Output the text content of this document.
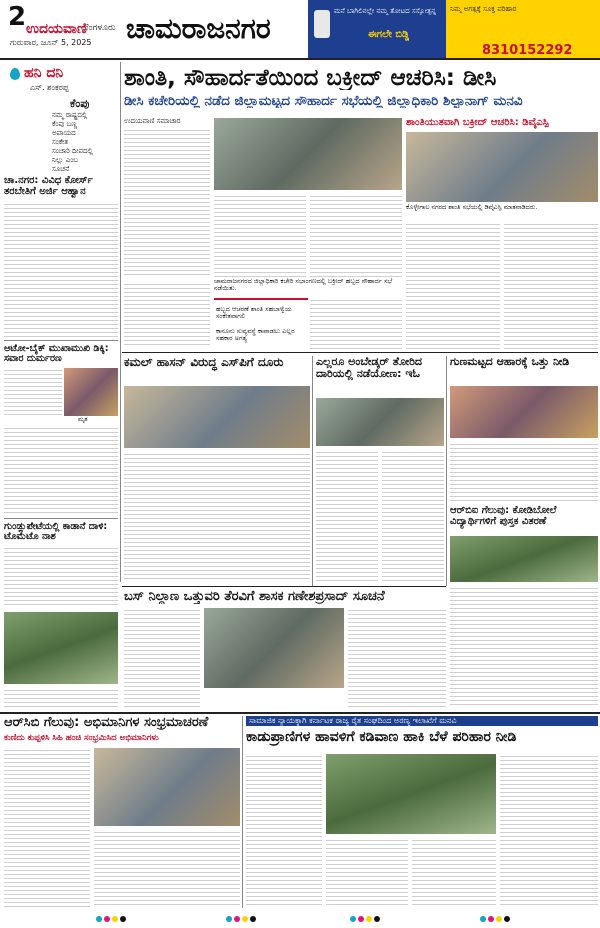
2 ಉದಯವಾಣಿ
ಬೆಂಗಳೂರು
ಗುರುವಾರ, ಜೂನ್ 5, 2025 ಚಾಮರಾಜನಗರ
ಮನೆ ಬಾಗಿಲಿನಲ್ಲೇ ನಮ್ಮ ತೋಟದ ಸಸ್ಯೋತ್ಪನ್ನ
ಈಗಲೇ ಬಿಡ್ಡಿ
ನಿಮ್ಮ ಅಗತ್ಯಕ್ಕೆ ಸೂಕ್ತ ಪರಿಹಾರ
8310152292
ಹನಿ ದನಿ
ಎಸ್. ಶಂಕರಪ್ಪ
ಕೆಂಪು
ನಮ್ಮ ರಾಷ್ಟ್ರದಲ್ಲಿ
ಕೆಂಪು ಬಣ್ಣ
ಅಪಾಯದ
ಸಂಕೇತ
ಸಂಚಾರಿ ದೀಪದಲ್ಲಿ
ನಿಲ್ಲು ಎಂಬ
ಸೂಚನೆ
ಶಾಂತಿ, ಸೌಹಾರ್ದತೆಯಿಂದ ಬಕ್ರೀದ್ ಆಚರಿಸಿ: ಡೀಸಿ
ಡೀಸಿ ಕಚೇರಿಯಲ್ಲಿ ನಡೆದ ಜಿಲ್ಲಾಮಟ್ಟದ ಸೌಹಾರ್ದ ಸಭೆಯಲ್ಲಿ ಜಿಲ್ಲಾಧಿಕಾರಿ ಶಿಲ್ಪಾನಾಗ್ ಮನವಿ
ಉದಯವಾಣಿ ಸಮಾಚಾರ
ಚಾಮರಾಜನಗರದ ಜಿಲ್ಲಾಧಿಕಾರಿ ಕಚೇರಿ ಸಭಾಂಗಣದಲ್ಲಿ ಬಕ್ರೀದ್ ಹಬ್ಬದ ಸೌಹಾರ್ದ ಸಭೆ ನಡೆಯಿತು.
ಹಬ್ಬದ ಆಚರಣೆ ಶಾಂತಿ ಸಹಬಾಳ್ವೆಯ ಸಂಕೇತವಾಗಲಿ
ಕಾನೂನು ಸುವ್ಯವಸ್ಥೆ ಕಾಪಾಡಲು ಎಲ್ಲರ ಸಹಕಾರ ಅಗತ್ಯ
ಶಾಂತಿಯುತವಾಗಿ ಬಕ್ರೀದ್ ಆಚರಿಸಿ: ಡಿವೈಎಸ್ಪಿ
ಕೊಳ್ಳೇಗಾಲ ನಗರದ ಶಾಂತಿ ಸಭೆಯಲ್ಲಿ ಡಿವೈಎಸ್ಪಿ ಮಾತನಾಡಿದರು.
ಚಾ.ನಗರ: ವಿವಿಧ ಕೋರ್ಸ್ ತರಬೇತಿಗೆ ಅರ್ಜಿ ಆಹ್ವಾನ
ಆಟೋ-ಬೈಕ್ ಮುಖಾಮುಖಿ ಡಿಕ್ಕಿ: ಸವಾರ ದುರ್ಮರಣ
ಮೃತ
ಗುಂಡ್ಲುಪೇಟೆಯಲ್ಲಿ ಕಾಡಾನೆ ದಾಳಿ: ಟೊಮೆಟೊ ನಾಶ
ಕಮಲ್ ಹಾಸನ್ ವಿರುದ್ಧ ಎಸ್‌ಪಿಗೆ ದೂರು	ಎಲ್ಲರೂ ಅಂಬೇಡ್ಕರ್ ತೋರಿದ ದಾರಿಯಲ್ಲಿ ನಡೆಯೋಣ: ಇಓ
ಗುಣಮಟ್ಟದ ಆಹಾರಕ್ಕೆ ಒತ್ತು ನೀಡಿ
ಆರ್‌ಬಿಐ ಗೆಲುವು: ಕೋಡಿಬೋಲೆ ವಿದ್ಯಾರ್ಥಿಗಳಿಗೆ ಪುಸ್ತಕ ವಿತರಣೆ
ಬಸ್ ನಿಲ್ದಾಣ ಒತ್ತುವರಿ ತೆರವಿಗೆ ಶಾಸಕ ಗಣೇಶಪ್ರಸಾದ್ ಸೂಚನೆ
ಆರ್‌ಸಿಬಿ ಗೆಲುವು: ಅಭಿಮಾನಿಗಳ ಸಂಭ್ರಮಾಚರಣೆ
ಕುಣಿದು ಕುಪ್ಪಳಿಸಿ ಸಿಹಿ ಹಂಚಿ ಸಂಭ್ರಮಿಸಿದ ಅಭಿಮಾನಿಗಳು
ಸಾಮಾಜಿಕ ನ್ಯಾಯಕ್ಕಾಗಿ ಕರ್ನಾಟಕ ರಾಜ್ಯ ರೈತ ಸಂಘದಿಂದ ಅರಣ್ಯ ಇಲಾಖೆಗೆ ಮನವಿ
ಕಾಡುಪ್ರಾಣಿಗಳ ಹಾವಳಿಗೆ ಕಡಿವಾಣ ಹಾಕಿ ಬೆಳೆ ಪರಿಹಾರ ನೀಡಿ
